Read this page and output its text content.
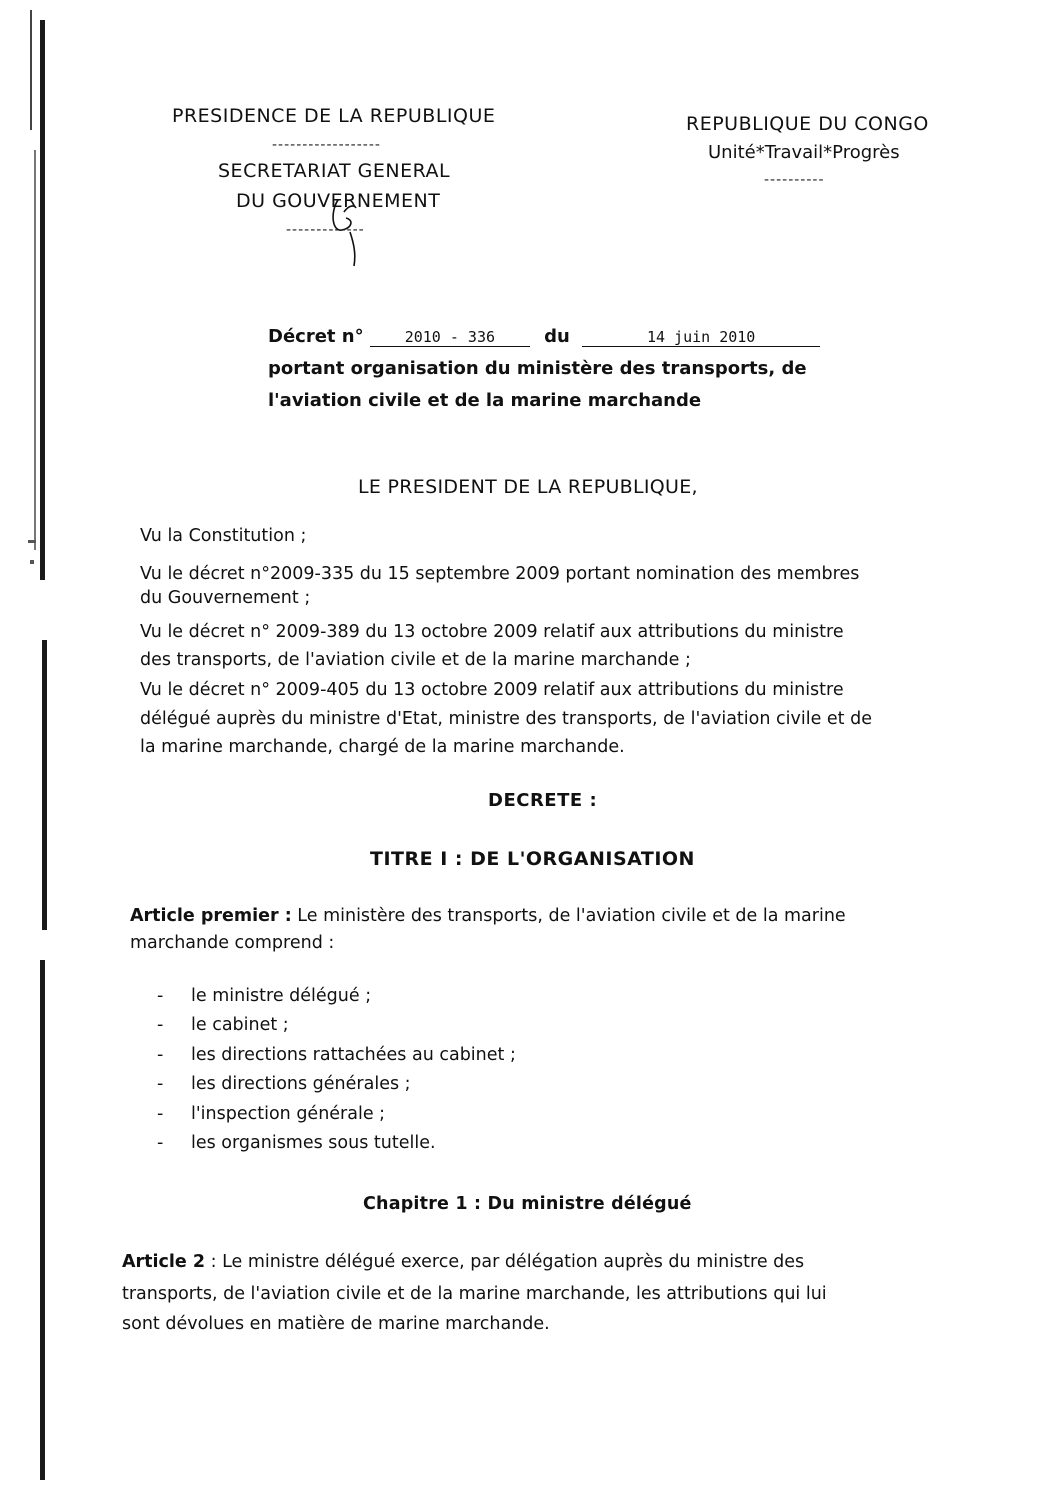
PRESIDENCE DE LA REPUBLIQUE
------------------
SECRETARIAT GENERAL
DU GOUVERNEMENT
-------------
REPUBLIQUE DU CONGO
Unité*Travail*Progrès
----------
Décret n°	2010 - 336	du	14 juin 2010
portant organisation du ministère des transports, de
l'aviation civile et de la marine marchande
LE PRESIDENT DE LA REPUBLIQUE,
Vu la Constitution ;
Vu le décret n°2009-335 du 15 septembre 2009 portant nomination des membres
du Gouvernement ;
Vu le décret n° 2009-389 du 13 octobre 2009 relatif aux attributions du ministre
des transports, de l'aviation civile et de la marine marchande ;
Vu le décret n° 2009-405 du 13 octobre 2009 relatif aux attributions du ministre
délégué auprès du ministre d'Etat, ministre des transports, de l'aviation civile et de
la marine marchande, chargé de la marine marchande.
DECRETE :
TITRE I : DE L'ORGANISATION
Article premier : Le ministère des transports, de l'aviation civile et de la marine
marchande comprend :
- le ministre délégué ;
- le cabinet ;
- les directions rattachées au cabinet ;
- les directions générales ;
- l'inspection générale ;
- les organismes sous tutelle.
Chapitre 1 : Du ministre délégué
Article 2 : Le ministre délégué exerce, par délégation auprès du ministre des
transports, de l'aviation civile et de la marine marchande, les attributions qui lui
sont dévolues en matière de marine marchande.
